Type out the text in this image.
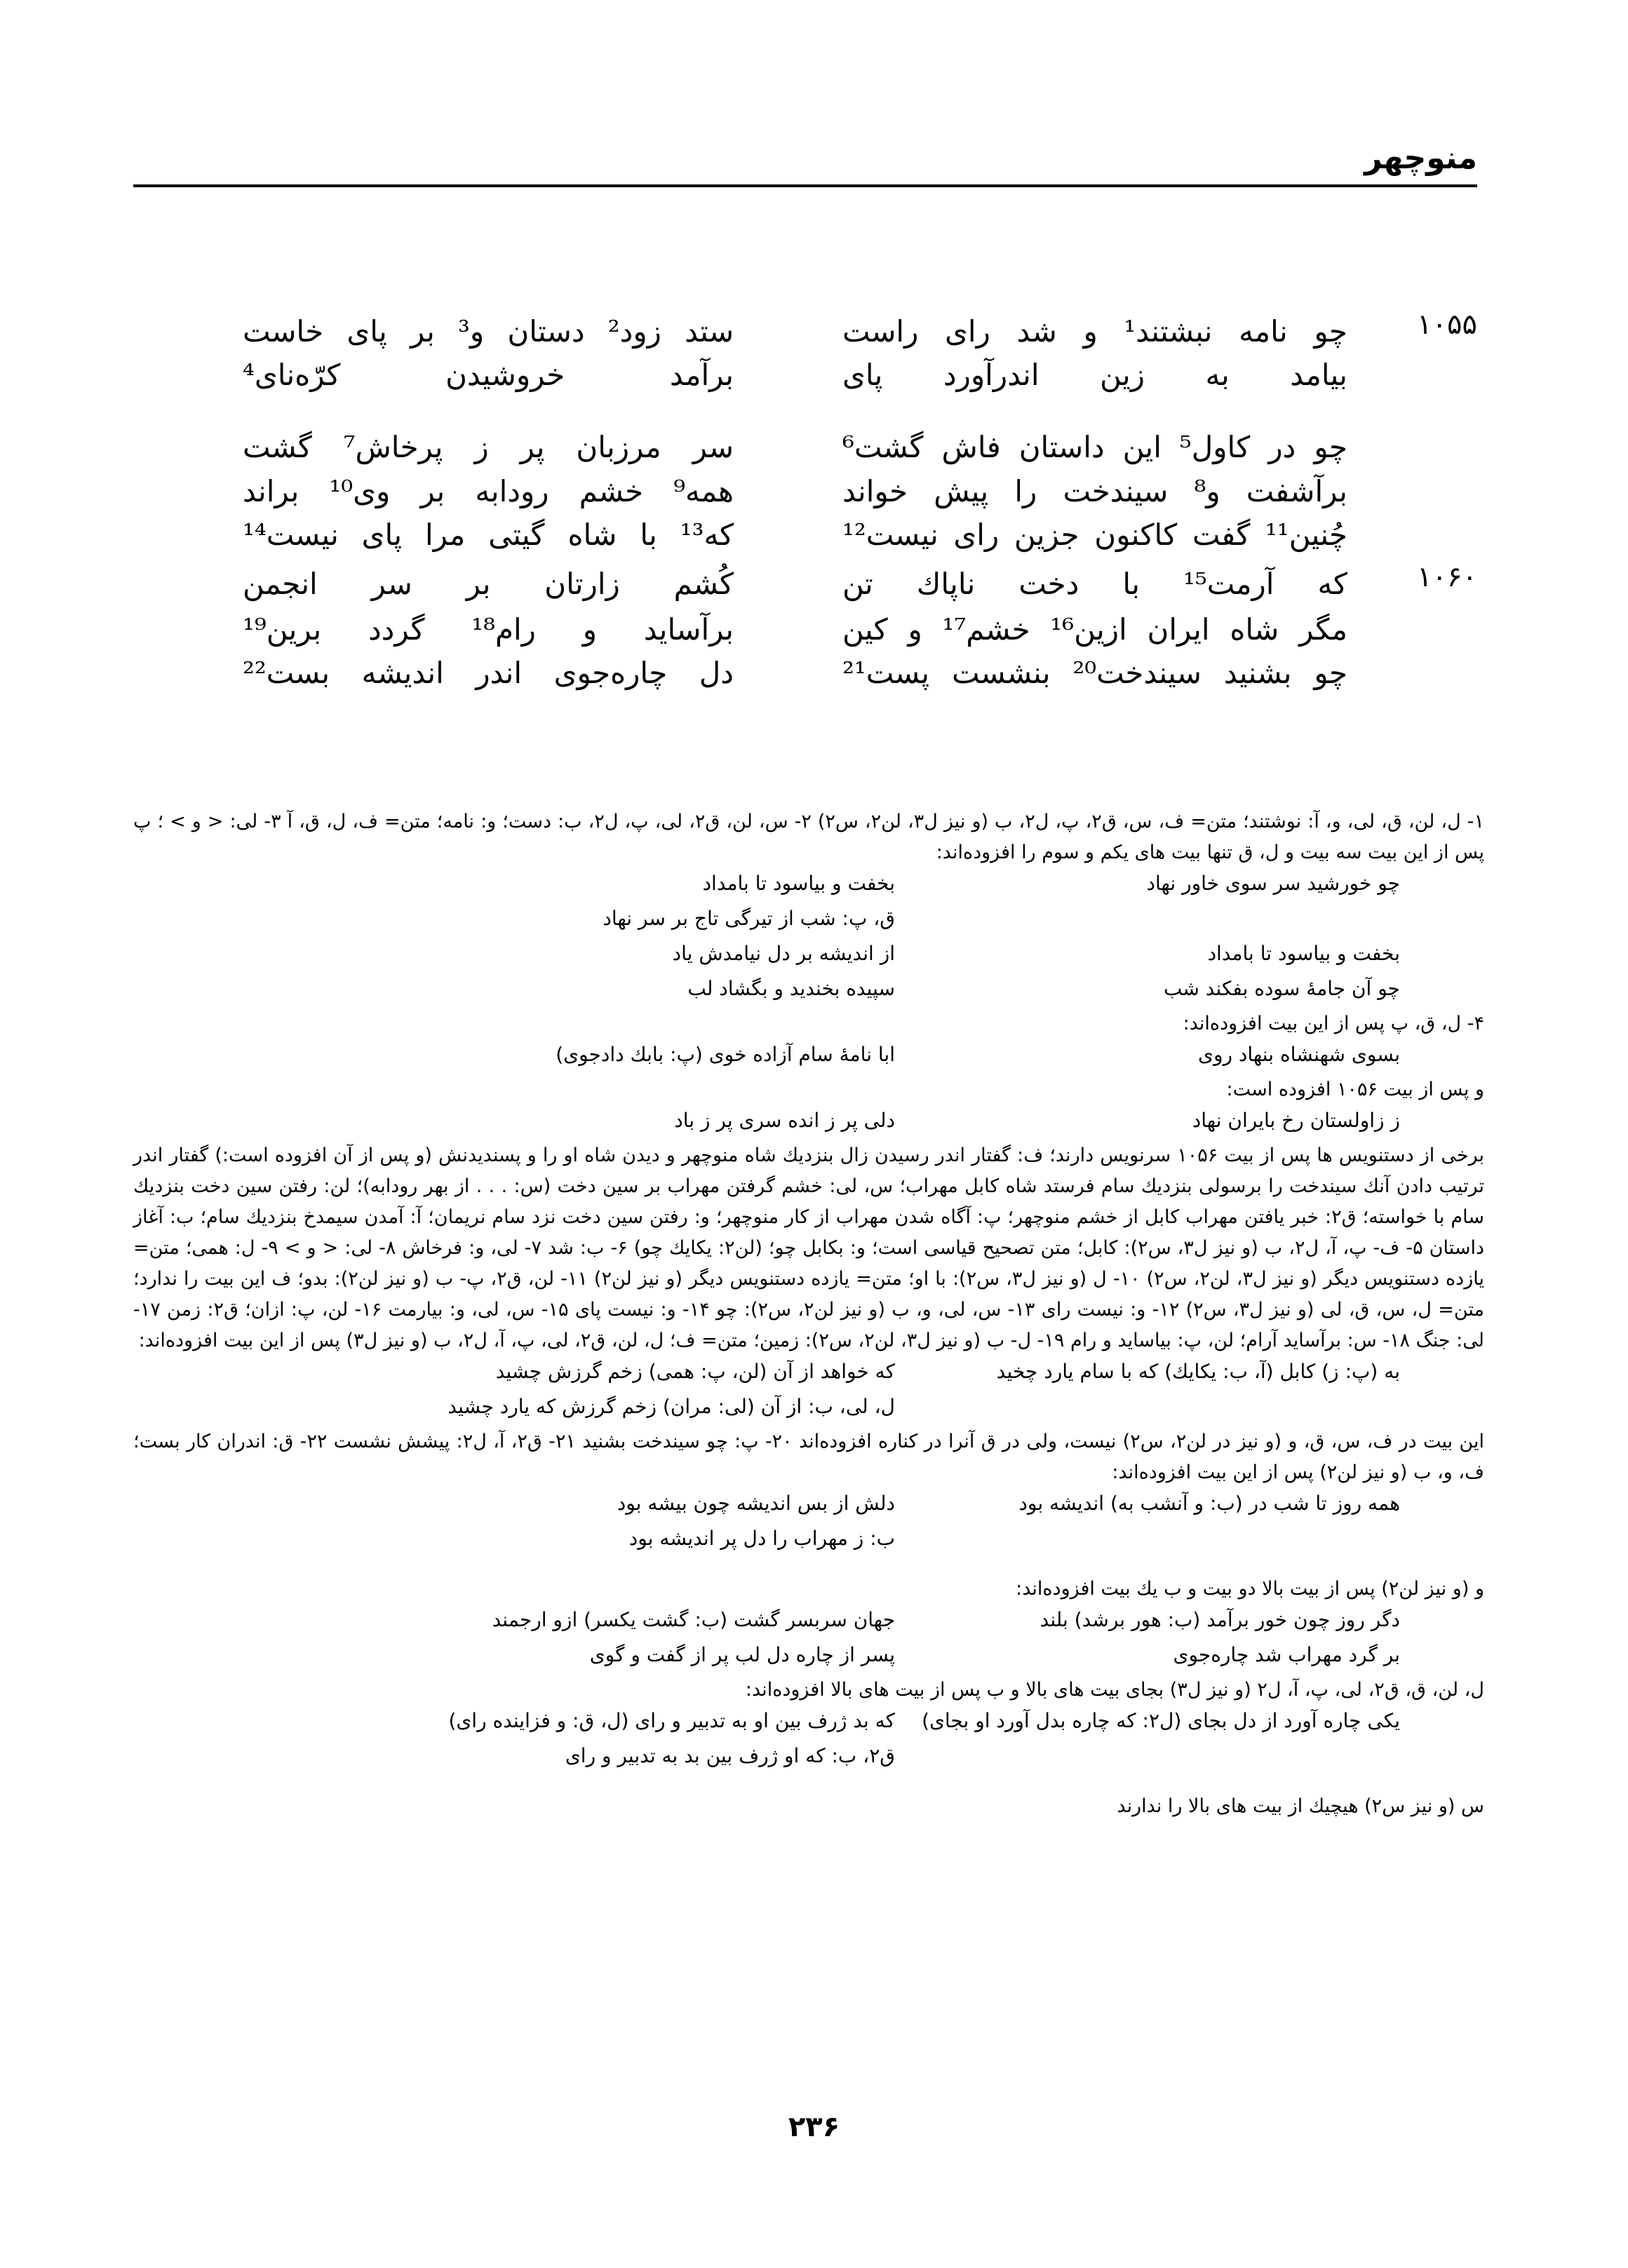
منوچهر
۱۰۵۵
چو نامه نبشتند¹ و شد رای راست
ستد زود² دستان و³ بر پای خاست
بیامد به زین اندرآورد پای
برآمد خروشیدن کرّه‌نای⁴
چو در کاول⁵ این داستان فاش گشت⁶
سر مرزبان پر ز پرخاش⁷ گشت
برآشفت و⁸ سیندخت را پیش خواند
همه⁹ خشم رودابه بر وی¹⁰ براند
چُنین¹¹ گفت کاکنون جزین رای نیست¹²
که¹³ با شاه گیتی مرا پای نیست¹⁴
۱۰۶۰
که آرمت¹⁵ با دخت ناپاك تن
کُشم زارتان بر سر انجمن
مگر شاه ایران ازین¹⁶ خشم¹⁷ و کین
برآساید و رام¹⁸ گردد برین¹⁹
چو بشنید سیندخت²⁰ بنشست پست²¹
دل چاره‌جوی اندر اندیشه بست²²

۱- ل، لن، ق، لی، و، آ: نوشتند؛ متن= ف، س، ق۲، پ، ل۲، ب (و نیز ل۳، لن۲، س۲) ۲- س، لن، ق۲، لی، پ، ل۲، ب: دست؛ و: نامه؛ متن= ف، ل، ق، آ ۳- لی: < و > ؛ پ پس از این بیت سه بیت و ل، ق تنها بیت های یکم و سوم را افزوده‌اند:

چو خورشید سر سوی خاور نهاد
بخفت و بیاسود تا بامداد
ق، پ: شب از تیرگی تاج بر سر نهاد
بخفت و بیاسود تا بامداد
از اندیشه بر دل نیامدش یاد
چو آن جامهٔ سوده بفکند شب
سپیده بخندید و بگشاد لب

۴- ل، ق، پ پس از این بیت افزوده‌اند:

بسوی شهنشاه بنهاد روی
ابا نامهٔ سام آزاده خوی (پ: بابك دادجوی)

و پس از بیت ۱۰۵۶ افزوده است:

ز زاولستان رخ بایران نهاد
دلی پر ز انده سری پر ز باد

برخی از دستنویس ها پس از بیت ۱۰۵۶ سرنویس دارند؛ ف: گفتار اندر رسیدن زال بنزدیك شاه منوچهر و دیدن شاه او را و پسندیدنش (و پس از آن افزوده است:) گفتار اندر ترتیب دادن آنك سیندخت را برسولی بنزدیك سام فرستد شاه کابل مهراب؛ س، لی: خشم گرفتن مهراب بر سین دخت (س: . . . از بهر رودابه)؛ لن: رفتن سین دخت بنزدیك سام با خواسته؛ ق۲: خبر یافتن مهراب کابل از خشم منوچهر؛ پ: آگاه شدن مهراب از کار منوچهر؛ و: رفتن سین دخت نزد سام نریمان؛ آ: آمدن سیمدخ بنزدیك سام؛ ب: آغاز داستان ۵- ف- پ، آ، ل۲، ب (و نیز ل۳، س۲): کابل؛ متن تصحیح قیاسی است؛ و: بکابل چو؛ (لن۲: یکایك چو) ۶- ب: شد ۷- لی، و: فرخاش ۸- لی: < و > ۹- ل: همی؛ متن= یازده دستنویس دیگر (و نیز ل۳، لن۲، س۲) ۱۰- ل (و نیز ل۳، س۲): با او؛ متن= یازده دستنویس دیگر (و نیز لن۲) ۱۱- لن، ق۲، پ- ب (و نیز لن۲): بدو؛ ف این بیت را ندارد؛ متن= ل، س، ق، لی (و نیز ل۳، س۲) ۱۲- و: نیست رای ۱۳- س، لی، و، ب (و نیز لن۲، س۲): چو ۱۴- و: نیست پای ۱۵- س، لی، و: بیارمت ۱۶- لن، پ: ازان؛ ق۲: زمن ۱۷- لی: جنگ ۱۸- س: برآساید آرام؛ لن، پ: بیاساید و رام ۱۹- ل- ب (و نیز ل۳، لن۲، س۲): زمین؛ متن= ف؛ ل، لن، ق۲، لی، پ، آ، ل۲، ب (و نیز ل۳) پس از این بیت افزوده‌اند:

به (پ: ز) کابل (آ، ب: یکایك) که با سام یارد چخید
که خواهد از آن (لن، پ: همی) زخم گرزش چشید
ل، لی، ب: از آن (لی: مران) زخم گرزش که یارد چشید

این بیت در ف، س، ق، و (و نیز در لن۲، س۲) نیست، ولی در ق آنرا در کناره افزوده‌اند ۲۰- پ: چو سیندخت بشنید ۲۱- ق۲، آ، ل۲: پیشش نشست ۲۲- ق: اندران کار بست؛ ف، و، ب (و نیز لن۲) پس از این بیت افزوده‌اند:

همه روز تا شب در (ب: و آنشب به) اندیشه بود
دلش از بس اندیشه چون بیشه بود
ب: ز مهراب را دل پر اندیشه بود

و (و نیز لن۲) پس از بیت بالا دو بیت و ب یك بیت افزوده‌اند:

دگر روز چون خور برآمد (ب: هور برشد) بلند
جهان سربسر گشت (ب: گشت یکسر) ازو ارجمند
بر گرد مهراب شد چاره‌جوی
پسر از چاره دل لب پر از گفت و گوی

ل، لن، ق، ق۲، لی، پ، آ، ل۲ (و نیز ل۳) بجای بیت های بالا و ب پس از بیت های بالا افزوده‌اند:

یکی چاره آورد از دل بجای (ل۲: که چاره بدل آورد او بجای)
که بد ژرف بین او به تدبیر و رای (ل، ق: و فزاینده رای)
ق۲، ب: که او ژرف بین بد به تدبیر و رای

س (و نیز س۲) هیچیك از بیت های بالا را ندارند

۲۳۶
